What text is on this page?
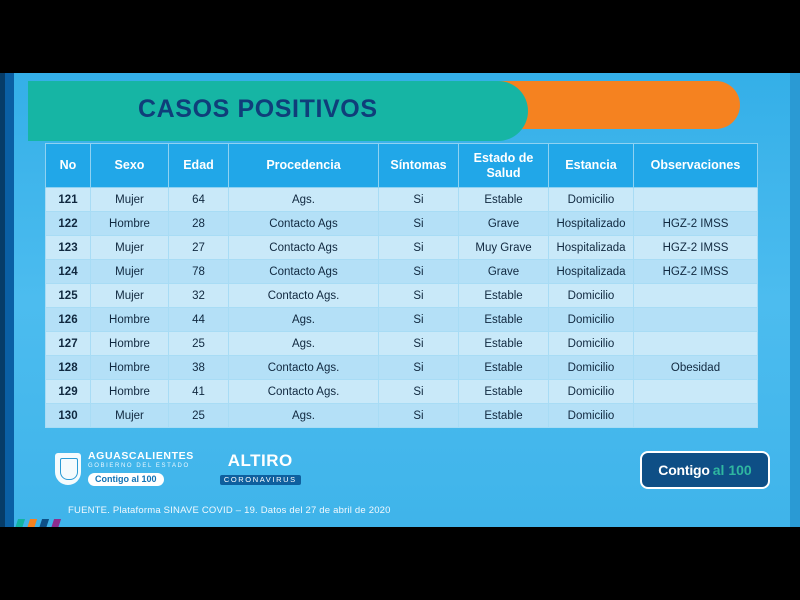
CASOS POSITIVOS
No	Sexo	Edad	Procedencia	Síntomas	Estado de Salud	Estancia	Observaciones
121	Mujer	64	Ags.	Si	Estable	Domicilio	
122	Hombre	28	Contacto Ags	Si	Grave	Hospitalizado	HGZ-2 IMSS
123	Mujer	27	Contacto Ags	Si	Muy Grave	Hospitalizada	HGZ-2 IMSS
124	Mujer	78	Contacto Ags	Si	Grave	Hospitalizada	HGZ-2 IMSS
125	Mujer	32	Contacto Ags.	Si	Estable	Domicilio	
126	Hombre	44	Ags.	Si	Estable	Domicilio	
127	Hombre	25	Ags.	Si	Estable	Domicilio	
128	Hombre	38	Contacto Ags.	Si	Estable	Domicilio	Obesidad
129	Hombre	41	Contacto Ags.	Si	Estable	Domicilio	
130	Mujer	25	Ags.	Si	Estable	Domicilio	
AGUASCALIENTES
GOBIERNO DEL ESTADO
Contigo al 100
ALTIRO
CORONAVIRUS
Contigo al 100
FUENTE. Plataforma SINAVE COVID – 19. Datos del 27 de abril de 2020
